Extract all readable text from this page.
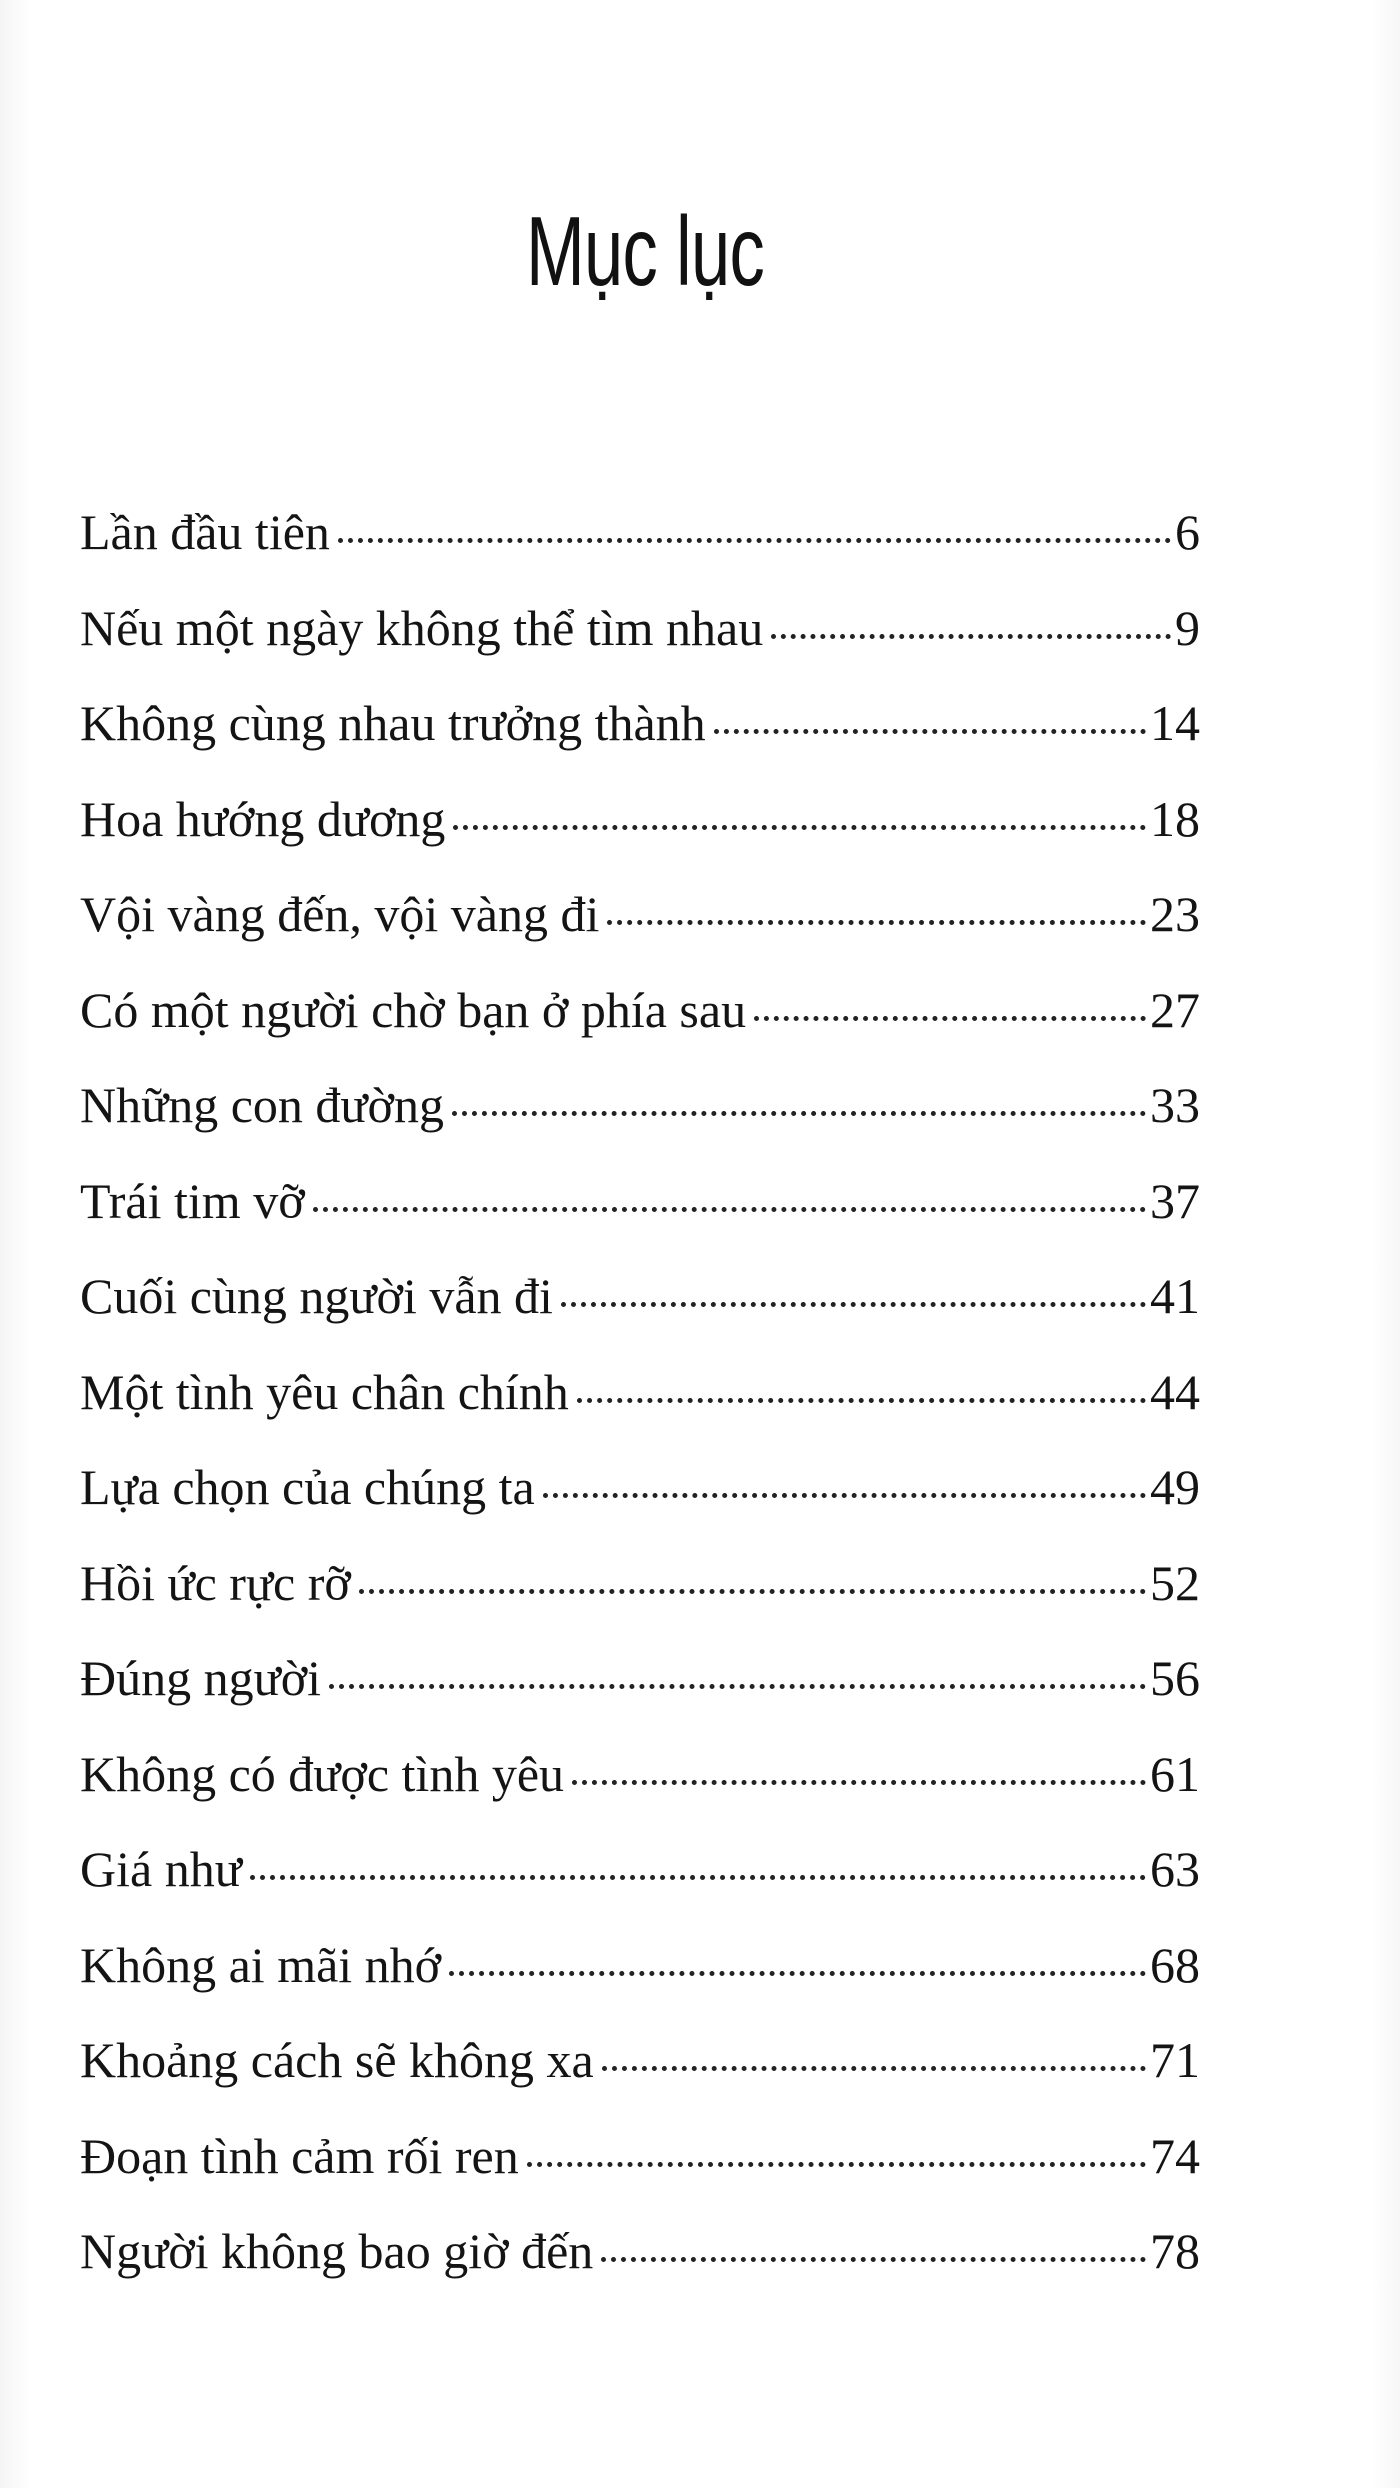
Mục lục
Lần đầu tiên	6
Nếu một ngày không thể tìm nhau	9
Không cùng nhau trưởng thành	14
Hoa hướng dương	18
Vội vàng đến, vội vàng đi	23
Có một người chờ bạn ở phía sau	27
Những con đường	33
Trái tim vỡ	37
Cuối cùng người vẫn đi	41
Một tình yêu chân chính	44
Lựa chọn của chúng ta	49
Hồi ức rực rỡ	52
Đúng người	56
Không có được tình yêu	61
Giá như	63
Không ai mãi nhớ	68
Khoảng cách sẽ không xa	71
Đoạn tình cảm rối ren	74
Người không bao giờ đến	78
